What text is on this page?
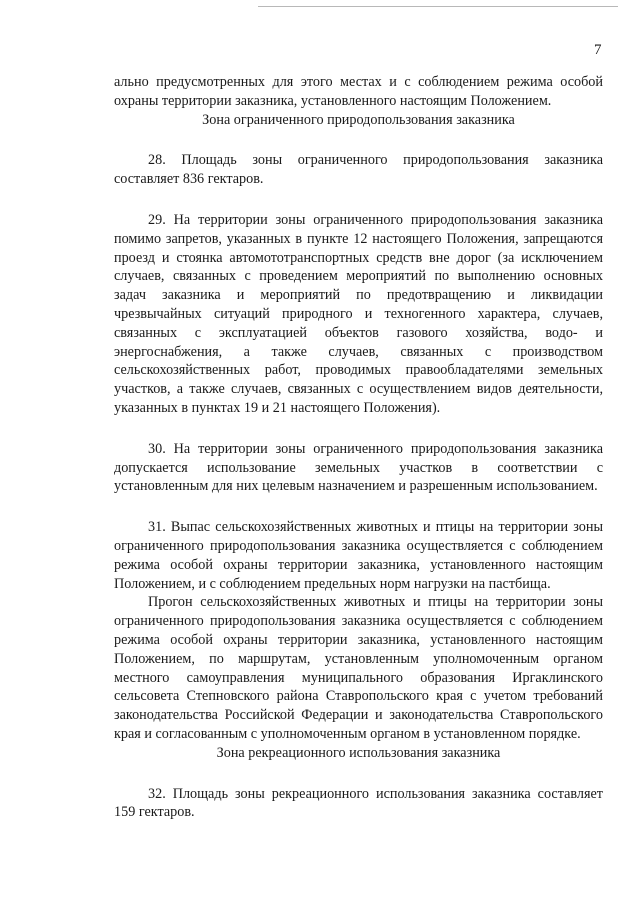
7

ально предусмотренных для этого местах и с соблюдением режима особой охраны территории заказника, установленного настоящим Положением.

Зона ограниченного природопользования заказника

28. Площадь зоны ограниченного природопользования заказника составляет 836 гектаров.

29. На территории зоны ограниченного природопользования заказника помимо запретов, указанных в пункте 12 настоящего Положения, запрещаются проезд и стоянка автомототранспортных средств вне дорог (за исключением случаев, связанных с проведением мероприятий по выполнению основных задач заказника и мероприятий по предотвращению и ликвидации чрезвычайных ситуаций природного и техногенного характера, случаев, связанных с эксплуатацией объектов газового хозяйства, водо- и энергоснабжения, а также случаев, связанных с производством сельскохозяйственных работ, проводимых правообладателями земельных участков, а также случаев, связанных с осуществлением видов деятельности, указанных в пунктах 19 и 21 настоящего Положения).

30. На территории зоны ограниченного природопользования заказника допускается использование земельных участков в соответствии с установленным для них целевым назначением и разрешенным использованием.

31. Выпас сельскохозяйственных животных и птицы на территории зоны ограниченного природопользования заказника осуществляется с соблюдением режима особой охраны территории заказника, установленного настоящим Положением, и с соблюдением предельных норм нагрузки на пастбища.

Прогон сельскохозяйственных животных и птицы на территории зоны ограниченного природопользования заказника осуществляется с соблюдением режима особой охраны территории заказника, установленного настоящим Положением, по маршрутам, установленным уполномоченным органом местного самоуправления муниципального образования Иргаклинского сельсовета Степновского района Ставропольского края с учетом требований законодательства Российской Федерации и законодательства Ставропольского края и согласованным с уполномоченным органом в установленном порядке.

Зона рекреационного использования заказника

32. Площадь зоны рекреационного использования заказника составляет 159 гектаров.
